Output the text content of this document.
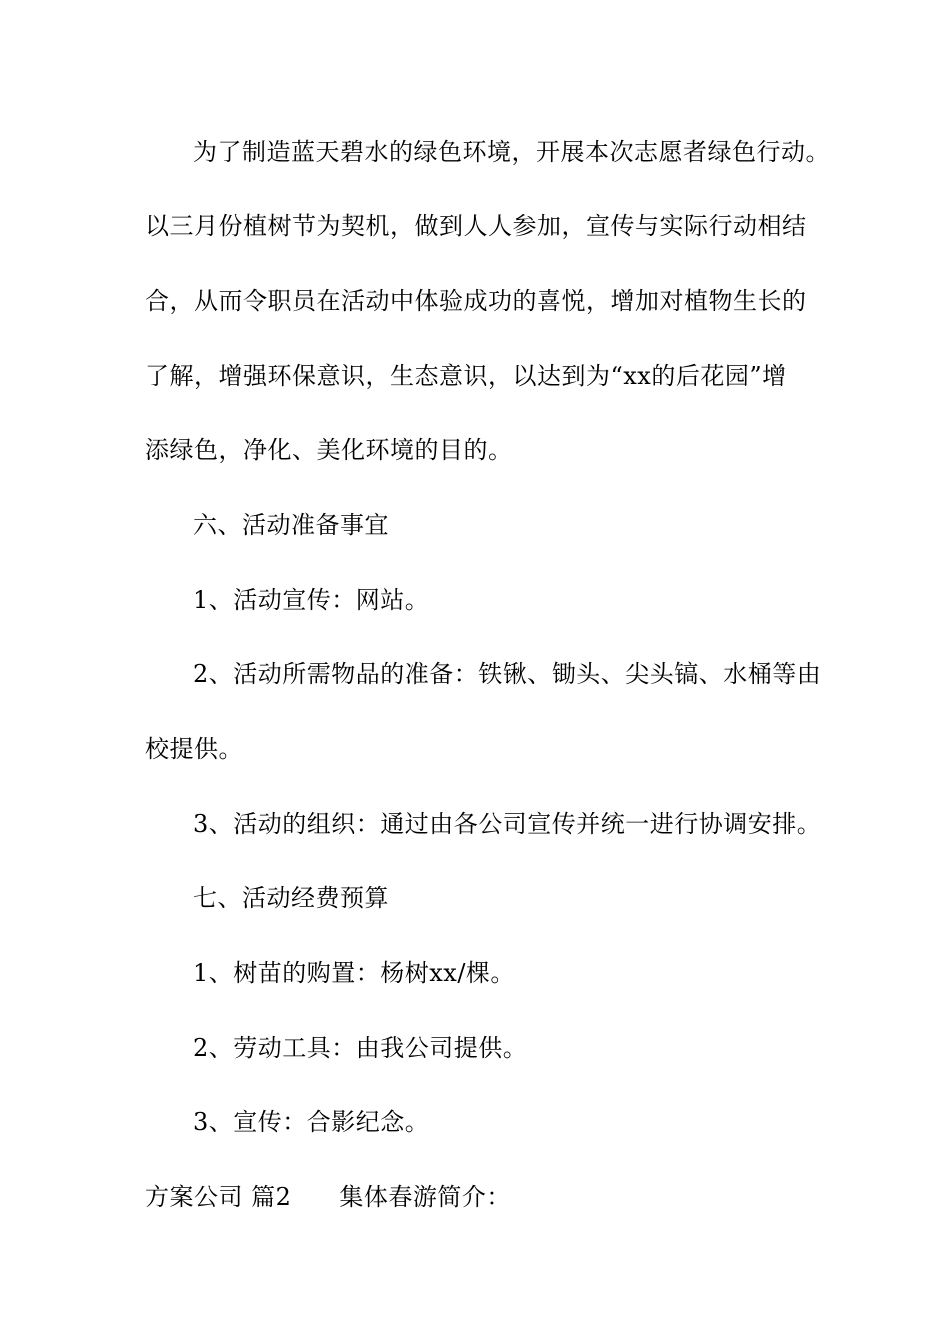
为了制造蓝天碧水的绿色环境，开展本次志愿者绿色行动。
以三月份植树节为契机，做到人人参加，宣传与实际行动相结
合，从而令职员在活动中体验成功的喜悦，增加对植物生长的
了解，增强环保意识，生态意识，以达到为“xx的后花园”增
添绿色，净化、美化环境的目的。
六、活动准备事宜
1、活动宣传：网站。
2、活动所需物品的准备：铁锹、锄头、尖头镐、水桶等由
校提供。
3、活动的组织：通过由各公司宣传并统一进行协调安排。
七、活动经费预算
1、树苗的购置：杨树xx/棵。
2、劳动工具：由我公司提供。
3、宣传：合影纪念。
方案公司 篇2 集体春游简介：
